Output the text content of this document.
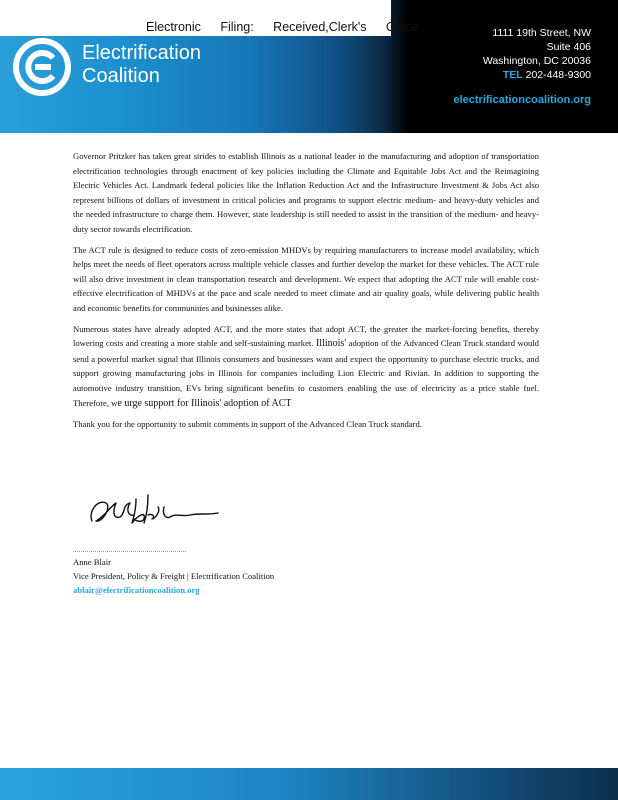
Electronic Filing: Received,Clerk's Office
Electrification
Coalition
1111 19th Street, NW
Suite 406
Washington, DC 20036
TEL 202-448-9300
electrificationcoalition.org

Governor Pritzker has taken great strides to establish Illinois as a national leader in the manufacturing and adoption of transportation electrification technologies through enactment of key policies including the Climate and Equitable Jobs Act and the Reimagining Electric Vehicles Act. Landmark federal policies like the Inflation Reduction Act and the Infrastructure Investment & Jobs Act also represent billions of dollars of investment in critical policies and programs to support electric medium- and heavy-duty vehicles and the needed infrastructure to charge them. However, state leadership is still needed to assist in the transition of the medium- and heavy-duty sector towards electrification.

The ACT rule is designed to reduce costs of zero-emission MHDVs by requiring manufacturers to increase model availability, which helps meet the needs of fleet operators across multiple vehicle classes and further develop the market for these vehicles. The ACT rule will also drive investment in clean transportation research and development. We expect that adopting the ACT rule will enable cost-effective electrification of MHDVs at the pace and scale needed to meet climate and air quality goals, while delivering public health and economic benefits for communities and businesses alike.

Numerous states have already adopted ACT, and the more states that adopt ACT, the greater the market-forcing benefits, thereby lowering costs and creating a more stable and self-sustaining market. Illinois' adoption of the Advanced Clean Truck standard would send a powerful market signal that Illinois consumers and businesses want and expect the opportunity to purchase electric trucks, and support growing manufacturing jobs in Illinois for companies including Lion Electric and Rivian. In addition to supporting the automotive industry transition, EVs bring significant benefits to customers enabling the use of electricity as a price stable fuel. Therefore, we urge support for Illinois' adoption of ACT

Thank you for the opportunity to submit comments in support of the Advanced Clean Truck standard.

Anne Blair
Vice President, Policy & Freight | Electrification Coalition
ablair@electrificationcoalition.org
